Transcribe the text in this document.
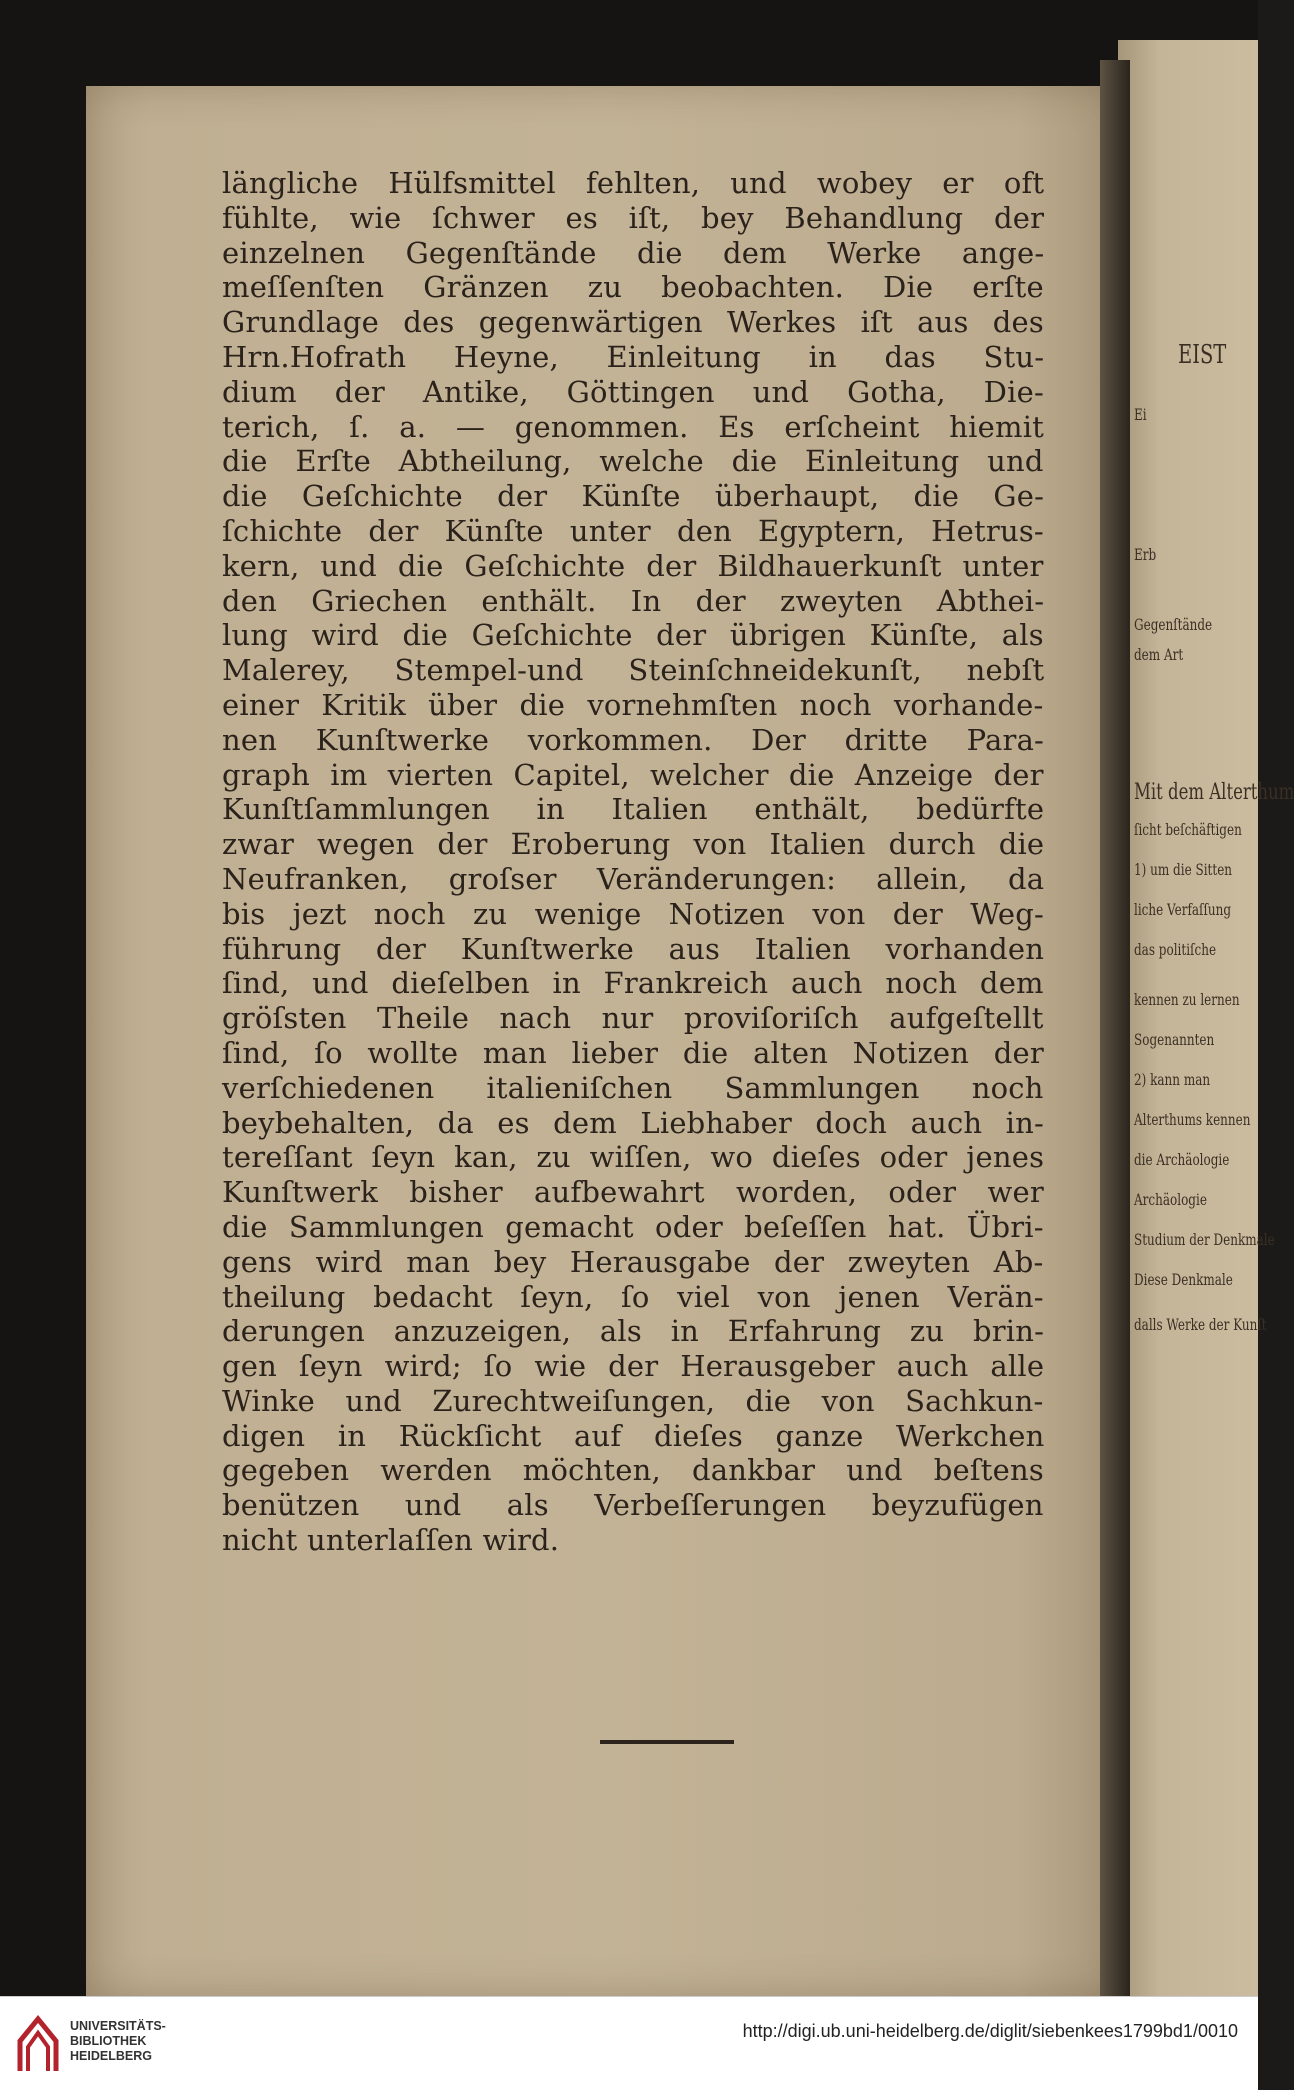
EIST
Ei
Erb
Gegenſtände
dem Art
Mit dem Alterthum
ſicht beſchäftigen
1) um die Sitten
liche Verfaſſung
das politiſche
kennen zu lernen
Sogenannten
2) kann man
Alterthums kennen
die Archäologie
Archäologie
Studium der Denkmale
Diese Denkmale
dalls Werke der Kunſt
längliche Hülfsmittel fehlten, und wobey er oft
fühlte, wie ſchwer es iſt, bey Behandlung der
einzelnen Gegenſtände die dem Werke ange-
meſſenſten Gränzen zu beobachten. Die erſte
Grundlage des gegenwärtigen Werkes iſt aus des
Hrn.Hofrath Heyne, Einleitung in das Stu-
dium der Antike, Göttingen und Gotha, Die-
terich, ſ. a. — genommen. Es erſcheint hiemit
die Erſte Abtheilung, welche die Einleitung und
die Geſchichte der Künſte überhaupt, die Ge-
ſchichte der Künſte unter den Egyptern, Hetrus-
kern, und die Geſchichte der Bildhauerkunſt unter
den Griechen enthält. In der zweyten Abthei-
lung wird die Geſchichte der übrigen Künſte, als
Malerey, Stempel-und Steinſchneidekunſt, nebſt
einer Kritik über die vornehmſten noch vorhande-
nen Kunſtwerke vorkommen. Der dritte Para-
graph im vierten Capitel, welcher die Anzeige der
Kunſtſammlungen in Italien enthält, bedürfte
zwar wegen der Eroberung von Italien durch die
Neufranken, groſser Veränderungen: allein, da
bis jezt noch zu wenige Notizen von der Weg-
führung der Kunſtwerke aus Italien vorhanden
ſind, und dieſelben in Frankreich auch noch dem
gröſsten Theile nach nur proviſoriſch aufgeſtellt
ſind, ſo wollte man lieber die alten Notizen der
verſchiedenen italieniſchen Sammlungen noch
beybehalten, da es dem Liebhaber doch auch in-
tereſſant ſeyn kan, zu wiſſen, wo dieſes oder jenes
Kunſtwerk bisher aufbewahrt worden, oder wer
die Sammlungen gemacht oder beſeſſen hat. Übri-
gens wird man bey Herausgabe der zweyten Ab-
theilung bedacht ſeyn, ſo viel von jenen Verän-
derungen anzuzeigen, als in Erfahrung zu brin-
gen ſeyn wird; ſo wie der Herausgeber auch alle
Winke und Zurechtweiſungen, die von Sachkun-
digen in Rückſicht auf dieſes ganze Werkchen
gegeben werden möchten, dankbar und beſtens
benützen und als Verbeſſerungen beyzufügen
nicht unterlaſſen wird.
UNIVERSITÄTS-
BIBLIOTHEK
HEIDELBERG
http://digi.ub.uni-heidelberg.de/diglit/siebenkees1799bd1/0010
